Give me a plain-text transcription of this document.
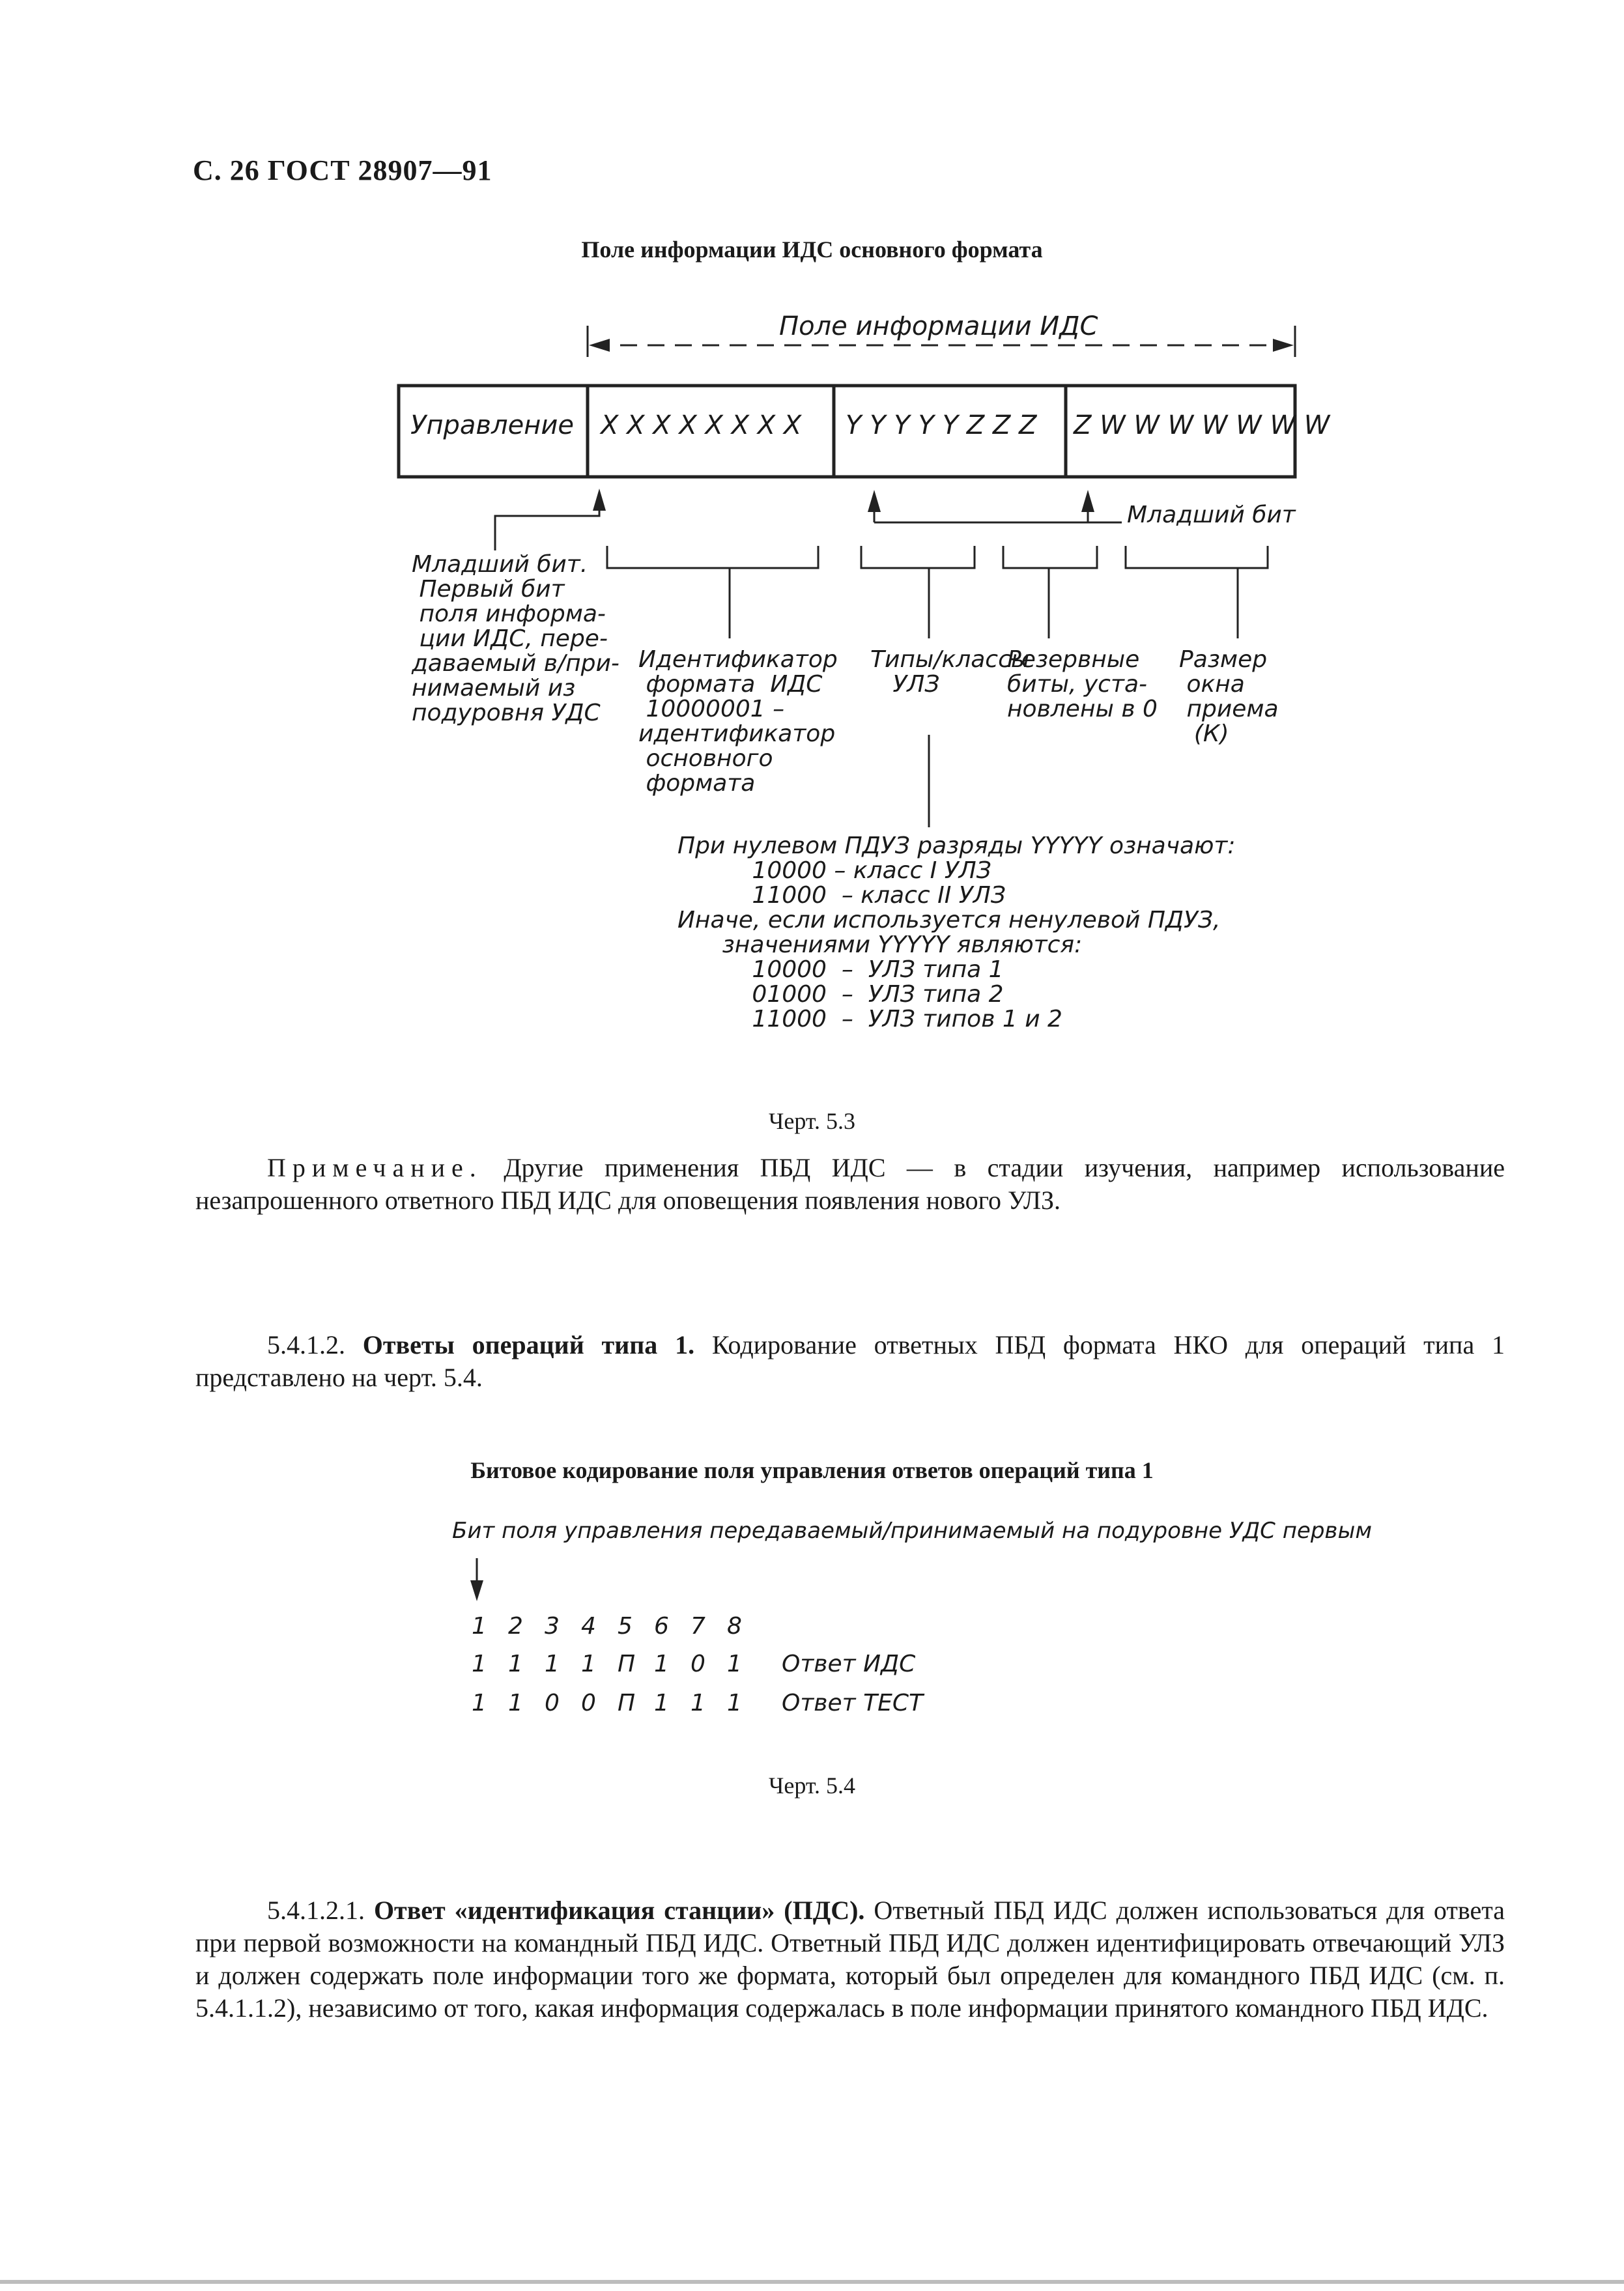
С. 26 ГОСТ 28907—91
Поле информации ИДС основного формата
Поле информации ИДС
Управление X X X X X X X X Y Y Y Y Y Z Z Z Z W W W W W W W
Младший бит
Младший бит.
Первый бит
поля информа-
ции ИДС, пере-
даваемый в/при-
нимаемый из
подуровня УДС
Идентификатор
формата  ИДС
10000001 –
идентификатор
основного
формата
Типы/классы
УЛЗ
Резервные
биты, уста-
новлены в 0
Размер
окна
приема
(К)
При нулевом ПДУЗ разряды YYYYY означают:
10000 – класс I УЛЗ
11000  – класс II УЛЗ
Иначе, если используется ненулевой ПДУЗ,
значениями YYYYY являются:
10000  –  УЛЗ типа 1
01000  –  УЛЗ типа 2
11000  –  УЛЗ типов 1 и 2
Черт. 5.3
Примечание. Другие применения ПБД ИДС — в стадии изучения, например использование незапрошенного ответного ПБД ИДС для оповещения появления нового УЛЗ.
5.4.1.2. Ответы операций типа 1. Кодирование ответных ПБД формата НКО для операций типа 1 представлено на черт. 5.4.
Битовое кодирование поля управления ответов операций типа 1
Бит поля управления передаваемый/принимаемый на подуровне УДС первым
1 2 3 4 5 6 7 8
1 1 1 1 П 1 0 1 Ответ ИДС
1 1 0 0 П 1 1 1 Ответ ТЕСТ
Черт. 5.4
5.4.1.2.1. Ответ «идентификация станции» (ПДС). Ответный ПБД ИДС должен использоваться для ответа при первой возможности на командный ПБД ИДС. Ответный ПБД ИДС должен идентифицировать отвечающий УЛЗ и должен содержать поле информации того же формата, который был определен для командного ПБД ИДС (см. п. 5.4.1.1.2), независимо от того, какая информация содержалась в поле информации принятого командного ПБД ИДС.
